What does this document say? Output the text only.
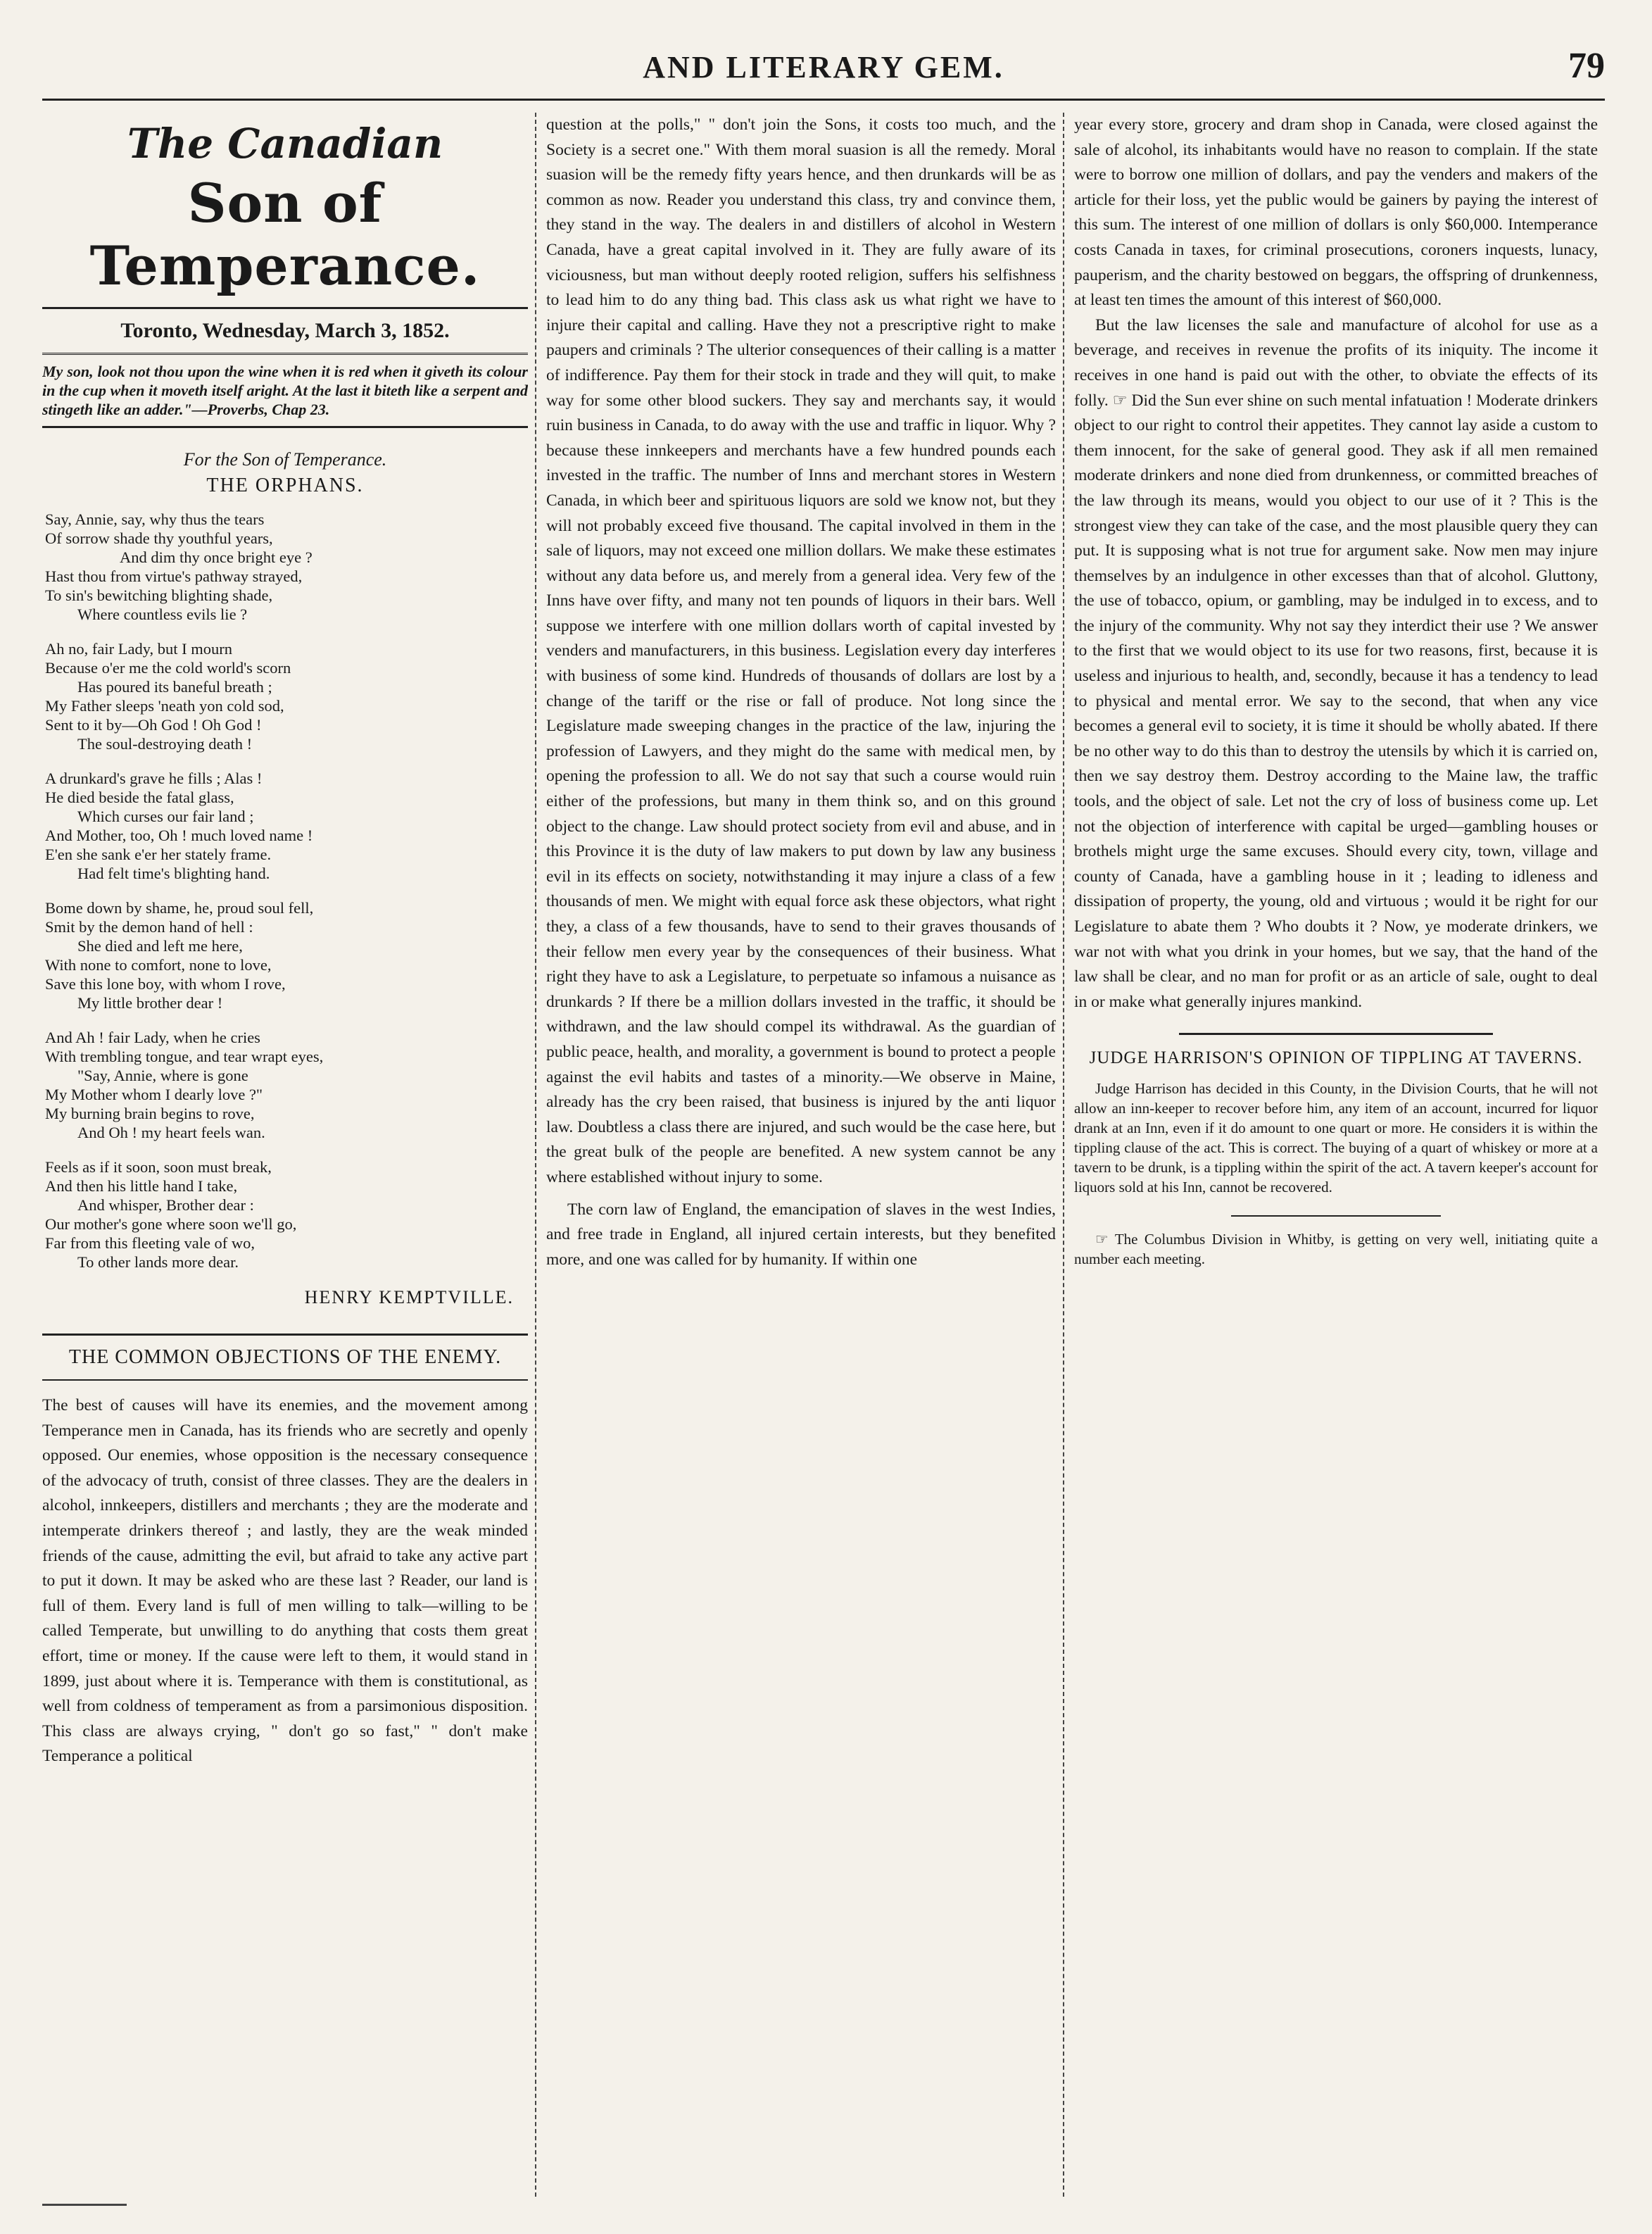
AND LITERARY GEM.	79
The Canadian
Son of Temperance.
Toronto, Wednesday, March 3, 1852.
My son, look not thou upon the wine when it is red when it giveth its colour in the cup when it moveth itself aright. At the last it biteth like a serpent and stingeth like an adder."—Proverbs, Chap 23.
For the Son of Temperance.
THE ORPHANS.
Say, Annie, say, why thus the tears
Of sorrow shade thy youthful years,
And dim thy once bright eye ?
Hast thou from virtue's pathway strayed,
To sin's bewitching blighting shade,
Where countless evils lie ?
Ah no, fair Lady, but I mourn
Because o'er me the cold world's scorn
Has poured its baneful breath ;
My Father sleeps 'neath yon cold sod,
Sent to it by—Oh God ! Oh God !
The soul-destroying death !
A drunkard's grave he fills ; Alas !
He died beside the fatal glass,
Which curses our fair land ;
And Mother, too, Oh ! much loved name !
E'en she sank e'er her stately frame.
Had felt time's blighting hand.
Bome down by shame, he, proud soul fell,
Smit by the demon hand of hell :
She died and left me here,
With none to comfort, none to love,
Save this lone boy, with whom I rove,
My little brother dear !
And Ah ! fair Lady, when he cries
With trembling tongue, and tear wrapt eyes,
"Say, Annie, where is gone
My Mother whom I dearly love ?"
My burning brain begins to rove,
And Oh ! my heart feels wan.
Feels as if it soon, soon must break,
And then his little hand I take,
And whisper, Brother dear :
Our mother's gone where soon we'll go,
Far from this fleeting vale of wo,
To other lands more dear.
HENRY KEMPTVILLE.
THE COMMON OBJECTIONS OF THE ENEMY.

The best of causes will have its enemies, and the movement among Temperance men in Canada, has its friends who are secretly and openly opposed. Our enemies, whose opposition is the necessary consequence of the advocacy of truth, consist of three classes. They are the dealers in alcohol, innkeepers, distillers and merchants ; they are the moderate and intemperate drinkers thereof ; and lastly, they are the weak minded friends of the cause, admitting the evil, but afraid to take any active part to put it down. It may be asked who are these last ? Reader, our land is full of them. Every land is full of men willing to talk—willing to be called Temperate, but unwilling to do anything that costs them great effort, time or money. If the cause were left to them, it would stand in 1899, just about where it is. Temperance with them is constitutional, as well from coldness of temperament as from a parsimonious disposition. This class are always crying, " don't go so fast," " don't make Temperance a political

question at the polls," " don't join the Sons, it costs too much, and the Society is a secret one." With them moral suasion is all the remedy. Moral suasion will be the remedy fifty years hence, and then drunkards will be as common as now. Reader you understand this class, try and convince them, they stand in the way. The dealers in and distillers of alcohol in Western Canada, have a great capital involved in it. They are fully aware of its viciousness, but man without deeply rooted religion, suffers his selfishness to lead him to do any thing bad. This class ask us what right we have to injure their capital and calling. Have they not a prescriptive right to make paupers and criminals ? The ulterior consequences of their calling is a matter of indifference. Pay them for their stock in trade and they will quit, to make way for some other blood suckers. They say and merchants say, it would ruin business in Canada, to do away with the use and traffic in liquor. Why ? because these innkeepers and merchants have a few hundred pounds each invested in the traffic. The number of Inns and merchant stores in Western Canada, in which beer and spirituous liquors are sold we know not, but they will not probably exceed five thousand. The capital involved in them in the sale of liquors, may not exceed one million dollars. We make these estimates without any data before us, and merely from a general idea. Very few of the Inns have over fifty, and many not ten pounds of liquors in their bars. Well suppose we interfere with one million dollars worth of capital invested by venders and manufacturers, in this business. Legislation every day interferes with business of some kind. Hundreds of thousands of dollars are lost by a change of the tariff or the rise or fall of produce. Not long since the Legislature made sweeping changes in the practice of the law, injuring the profession of Lawyers, and they might do the same with medical men, by opening the profession to all. We do not say that such a course would ruin either of the professions, but many in them think so, and on this ground object to the change. Law should protect society from evil and abuse, and in this Province it is the duty of law makers to put down by law any business evil in its effects on society, notwithstanding it may injure a class of a few thousands of men. We might with equal force ask these objectors, what right they, a class of a few thousands, have to send to their graves thousands of their fellow men every year by the consequences of their business. What right they have to ask a Legislature, to perpetuate so infamous a nuisance as drunkards ? If there be a million dollars invested in the traffic, it should be withdrawn, and the law should compel its withdrawal. As the guardian of public peace, health, and morality, a government is bound to protect a people against the evil habits and tastes of a minority.—We observe in Maine, already has the cry been raised, that business is injured by the anti liquor law. Doubtless a class there are injured, and such would be the case here, but the great bulk of the people are benefited. A new system cannot be any where established without injury to some.

The corn law of England, the emancipation of slaves in the west Indies, and free trade in England, all injured certain interests, but they benefited more, and one was called for by humanity. If within one

year every store, grocery and dram shop in Canada, were closed against the sale of alcohol, its inhabitants would have no reason to complain. If the state were to borrow one million of dollars, and pay the venders and makers of the article for their loss, yet the public would be gainers by paying the interest of this sum. The interest of one million of dollars is only $60,000. Intemperance costs Canada in taxes, for criminal prosecutions, coroners inquests, lunacy, pauperism, and the charity bestowed on beggars, the offspring of drunkenness, at least ten times the amount of this interest of $60,000.

But the law licenses the sale and manufacture of alcohol for use as a beverage, and receives in revenue the profits of its iniquity. The income it receives in one hand is paid out with the other, to obviate the effects of its folly. ☞ Did the Sun ever shine on such mental infatuation ! Moderate drinkers object to our right to control their appetites. They cannot lay aside a custom to them innocent, for the sake of general good. They ask if all men remained moderate drinkers and none died from drunkenness, or committed breaches of the law through its means, would you object to our use of it ? This is the strongest view they can take of the case, and the most plausible query they can put. It is supposing what is not true for argument sake. Now men may injure themselves by an indulgence in other excesses than that of alcohol. Gluttony, the use of tobacco, opium, or gambling, may be indulged in to excess, and to the injury of the community. Why not say they interdict their use ? We answer to the first that we would object to its use for two reasons, first, because it is useless and injurious to health, and, secondly, because it has a tendency to lead to physical and mental error. We say to the second, that when any vice becomes a general evil to society, it is time it should be wholly abated. If there be no other way to do this than to destroy the utensils by which it is carried on, then we say destroy them. Destroy according to the Maine law, the traffic tools, and the object of sale. Let not the cry of loss of business come up. Let not the objection of interference with capital be urged—gambling houses or brothels might urge the same excuses. Should every city, town, village and county of Canada, have a gambling house in it ; leading to idleness and dissipation of property, the young, old and virtuous ; would it be right for our Legislature to abate them ? Who doubts it ? Now, ye moderate drinkers, we war not with what you drink in your homes, but we say, that the hand of the law shall be clear, and no man for profit or as an article of sale, ought to deal in or make what generally injures mankind.

JUDGE HARRISON'S OPINION OF TIPPLING AT TAVERNS.

Judge Harrison has decided in this County, in the Division Courts, that he will not allow an inn-keeper to recover before him, any item of an account, incurred for liquor drank at an Inn, even if it do amount to one quart or more. He considers it is within the tippling clause of the act. This is correct. The buying of a quart of whiskey or more at a tavern to be drunk, is a tippling within the spirit of the act. A tavern keeper's account for liquors sold at his Inn, cannot be recovered.

☞ The Columbus Division in Whitby, is getting on very well, initiating quite a number each meeting.
